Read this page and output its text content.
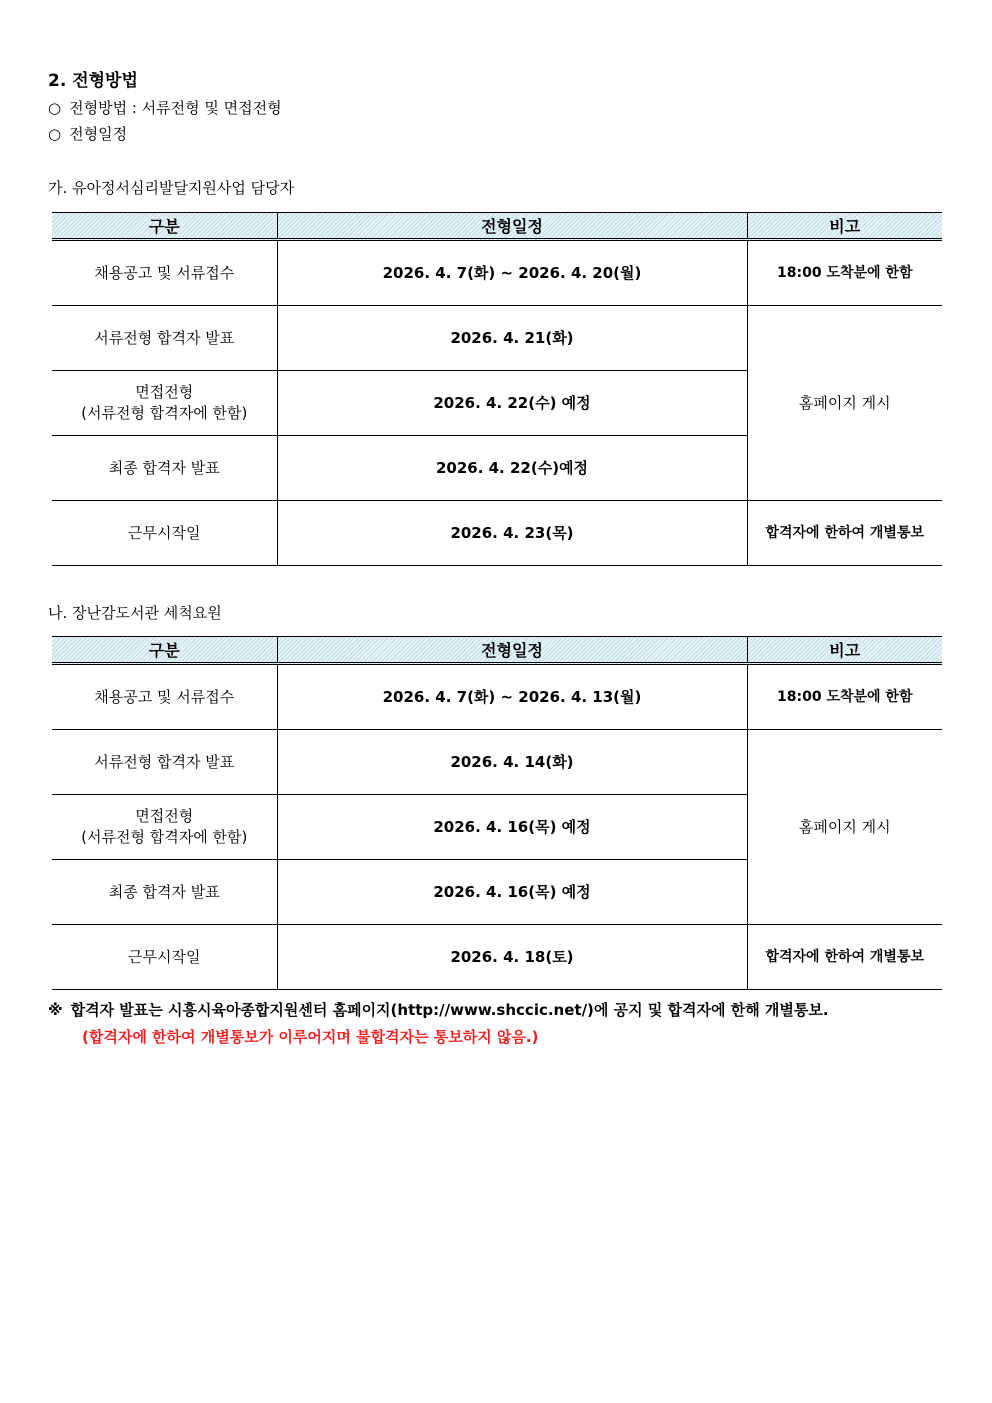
2. 전형방법
○ 전형방법 : 서류전형 및 면접전형
○ 전형일정
가. 유아정서심리발달지원사업 담당자
구분	전형일정	비고
채용공고 및 서류접수	2026. 4. 7(화) ~ 2026. 4. 20(월)	18:00 도착분에 한함
서류전형 합격자 발표	2026. 4. 21(화)	홈페이지 게시
면접전형
(서류전형 합격자에 한함)	2026. 4. 22(수) 예정	
최종 합격자 발표	2026. 4. 22(수)예정	
근무시작일	2026. 4. 23(목)	합격자에 한하여 개별통보
나. 장난감도서관 세척요원
구분	전형일정	비고
채용공고 및 서류접수	2026. 4. 7(화) ~ 2026. 4. 13(월)	18:00 도착분에 한함
서류전형 합격자 발표	2026. 4. 14(화)	홈페이지 게시
면접전형
(서류전형 합격자에 한함)	2026. 4. 16(목) 예정	
최종 합격자 발표	2026. 4. 16(목) 예정	
근무시작일	2026. 4. 18(토)	합격자에 한하여 개별통보
※ 합격자 발표는 시흥시육아종합지원센터 홈페이지(http://www.shccic.net/)에 공지 및 합격자에 한해 개별통보.
(합격자에 한하여 개별통보가 이루어지며 불합격자는 통보하지 않음.)
